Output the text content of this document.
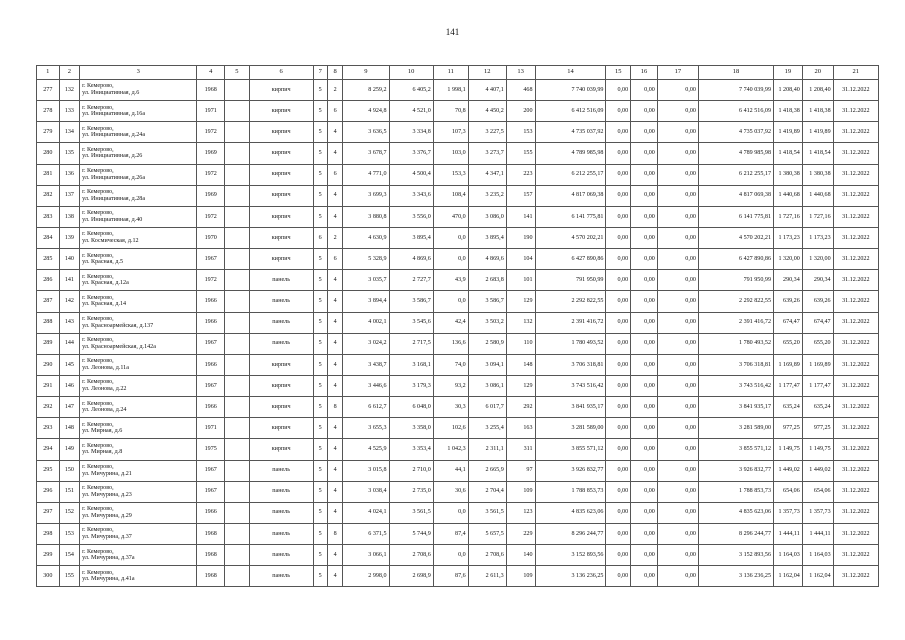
141
1	2	3	4	5	6	7	8	9	10	11	12	13	14	15	16	17	18	19	20	21
277	132	г. Кемерово,
ул. Инициативная, д.6	1968		кирпич	5	2	8 259,2	6 405,2	1 998,1	4 407,1	468	7 740 039,99	0,00	0,00	0,00	7 740 039,99	1 208,40	1 208,40	31.12.2022
278	133	г. Кемерово,
ул. Инициативная, д.16а	1971		кирпич	5	6	4 924,8	4 521,0	70,8	4 450,2	200	6 412 516,09	0,00	0,00	0,00	6 412 516,09	1 418,38	1 418,38	31.12.2022
279	134	г. Кемерово,
ул. Инициативная, д.24а	1972		кирпич	5	4	3 636,5	3 334,8	107,3	3 227,5	153	4 735 037,92	0,00	0,00	0,00	4 735 037,92	1 419,89	1 419,89	31.12.2022
280	135	г. Кемерово,
ул. Инициативная, д.26	1969		кирпич	5	4	3 678,7	3 376,7	103,0	3 273,7	155	4 789 985,98	0,00	0,00	0,00	4 789 985,98	1 418,54	1 418,54	31.12.2022
281	136	г. Кемерово,
ул. Инициативная, д.26а	1972		кирпич	5	6	4 771,0	4 500,4	153,3	4 347,1	223	6 212 255,17	0,00	0,00	0,00	6 212 255,17	1 380,38	1 380,38	31.12.2022
282	137	г. Кемерово,
ул. Инициативная, д.28а	1969		кирпич	5	4	3 699,3	3 343,6	108,4	3 235,2	157	4 817 069,38	0,00	0,00	0,00	4 817 069,38	1 440,68	1 440,68	31.12.2022
283	138	г. Кемерово,
ул. Инициативная, д.40	1972		кирпич	5	4	3 880,8	3 556,0	470,0	3 086,0	141	6 141 775,81	0,00	0,00	0,00	6 141 775,81	1 727,16	1 727,16	31.12.2022
284	139	г. Кемерово,
ул. Космическая, д.12	1970		кирпич	6	2	4 630,9	3 895,4	0,0	3 895,4	190	4 570 202,21	0,00	0,00	0,00	4 570 202,21	1 173,23	1 173,23	31.12.2022
285	140	г. Кемерово,
ул. Красная, д.5	1967		кирпич	5	6	5 328,9	4 869,6	0,0	4 869,6	104	6 427 890,86	0,00	0,00	0,00	6 427 890,86	1 320,00	1 320,00	31.12.2022
286	141	г. Кемерово,
ул. Красная, д.12а	1972		панель	5	4	3 035,7	2 727,7	43,9	2 683,8	101	791 950,99	0,00	0,00	0,00	791 950,99	290,34	290,34	31.12.2022
287	142	г. Кемерово,
ул. Красная, д.14	1966		панель	5	4	3 894,4	3 586,7	0,0	3 586,7	129	2 292 822,55	0,00	0,00	0,00	2 292 822,55	639,26	639,26	31.12.2022
288	143	г. Кемерово,
ул. Красноармейская, д.137	1966		панель	5	4	4 002,1	3 545,6	42,4	3 503,2	132	2 391 416,72	0,00	0,00	0,00	2 391 416,72	674,47	674,47	31.12.2022
289	144	г. Кемерово,
ул. Красноармейская, д.142а	1967		панель	5	4	3 024,2	2 717,5	136,6	2 580,9	110	1 780 493,52	0,00	0,00	0,00	1 780 493,52	655,20	655,20	31.12.2022
290	145	г. Кемерово,
ул. Леонова, д.11а	1966		кирпич	5	4	3 438,7	3 168,1	74,0	3 094,1	148	3 706 318,81	0,00	0,00	0,00	3 706 318,81	1 169,89	1 169,89	31.12.2022
291	146	г. Кемерово,
ул. Леонова, д.22	1967		кирпич	5	4	3 446,6	3 179,3	93,2	3 086,1	129	3 743 516,42	0,00	0,00	0,00	3 743 516,42	1 177,47	1 177,47	31.12.2022
292	147	г. Кемерово,
ул. Леонова, д.24	1966		кирпич	5	8	6 612,7	6 048,0	30,3	6 017,7	292	3 841 935,17	0,00	0,00	0,00	3 841 935,17	635,24	635,24	31.12.2022
293	148	г. Кемерово,
ул. Мирная, д.6	1971		кирпич	5	4	3 655,3	3 358,0	102,6	3 255,4	163	3 281 589,00	0,00	0,00	0,00	3 281 589,00	977,25	977,25	31.12.2022
294	149	г. Кемерово,
ул. Мирная, д.8	1975		кирпич	5	4	4 525,9	3 353,4	1 042,3	2 311,1	311	3 855 571,12	0,00	0,00	0,00	3 855 571,12	1 149,75	1 149,75	31.12.2022
295	150	г. Кемерово,
ул. Мичурина, д.21	1967		панель	5	4	3 015,8	2 710,0	44,1	2 665,9	97	3 926 832,77	0,00	0,00	0,00	3 926 832,77	1 449,02	1 449,02	31.12.2022
296	151	г. Кемерово,
ул. Мичурина, д.23	1967		панель	5	4	3 038,4	2 735,0	30,6	2 704,4	109	1 788 853,73	0,00	0,00	0,00	1 788 853,73	654,06	654,06	31.12.2022
297	152	г. Кемерово,
ул. Мичурина, д.29	1966		панель	5	4	4 024,1	3 561,5	0,0	3 561,5	123	4 835 623,06	0,00	0,00	0,00	4 835 623,06	1 357,73	1 357,73	31.12.2022
298	153	г. Кемерово,
ул. Мичурина, д.37	1968		панель	5	8	6 371,5	5 744,9	87,4	5 657,5	229	8 296 244,77	0,00	0,00	0,00	8 296 244,77	1 444,11	1 444,11	31.12.2022
299	154	г. Кемерово,
ул. Мичурина, д.37а	1968		панель	5	4	3 066,1	2 708,6	0,0	2 708,6	140	3 152 893,56	0,00	0,00	0,00	3 152 893,56	1 164,03	1 164,03	31.12.2022
300	155	г. Кемерово,
ул. Мичурина, д.41а	1968		панель	5	4	2 998,0	2 698,9	87,6	2 611,3	109	3 136 236,25	0,00	0,00	0,00	3 136 236,25	1 162,04	1 162,04	31.12.2022
